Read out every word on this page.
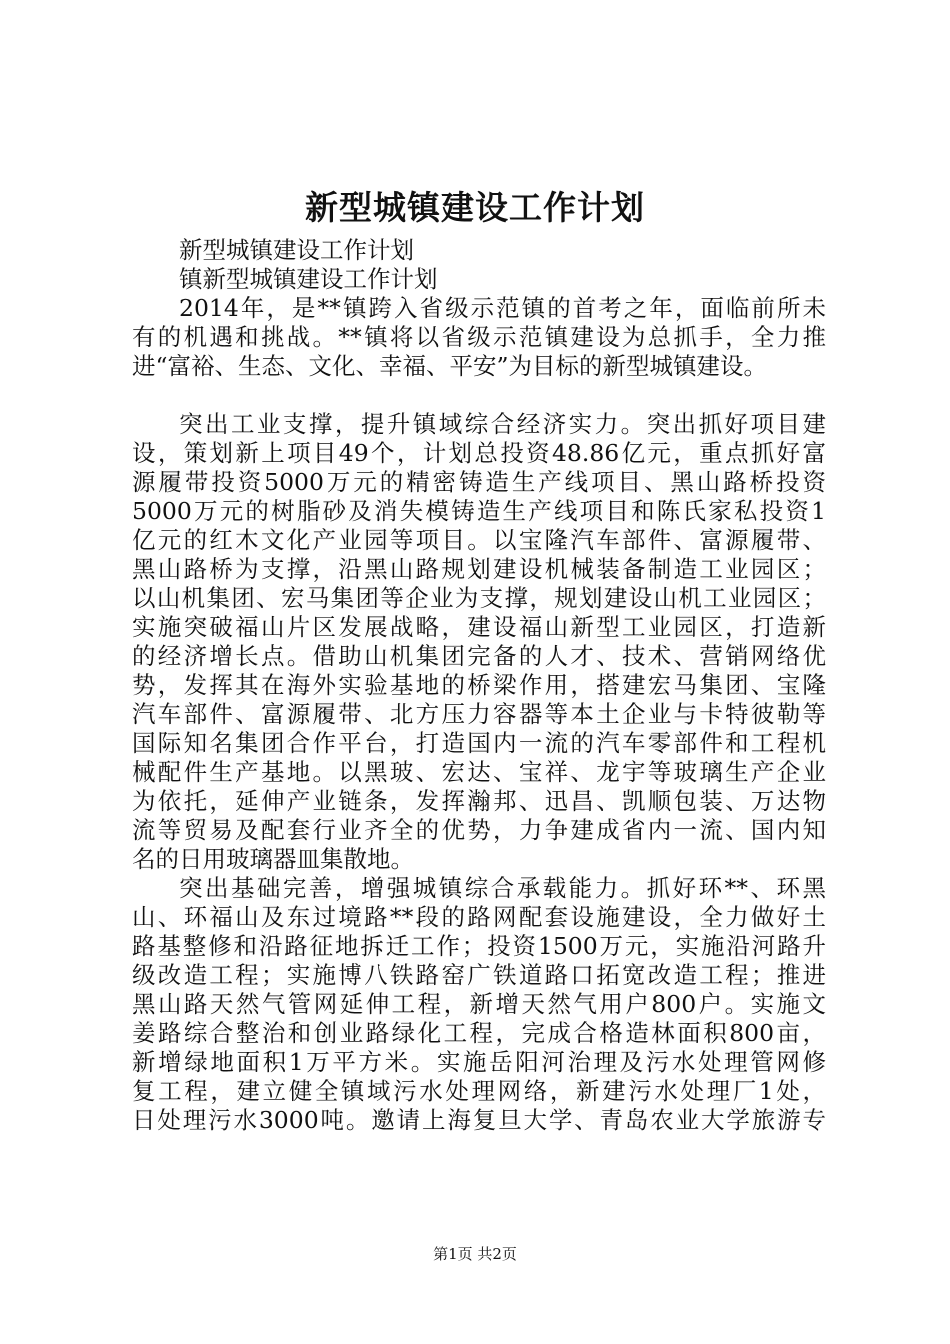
新型城镇建设工作计划
新型城镇建设工作计划
镇新型城镇建设工作计划
2014年，是**镇跨入省级示范镇的首考之年，面临前所未
有的机遇和挑战。**镇将以省级示范镇建设为总抓手，全力推
进“富裕、生态、文化、幸福、平安”为目标的新型城镇建设。
突出工业支撑，提升镇域综合经济实力。突出抓好项目建
设，策划新上项目49个，计划总投资48.86亿元，重点抓好富
源履带投资5000万元的精密铸造生产线项目、黑山路桥投资
5000万元的树脂砂及消失模铸造生产线项目和陈氏家私投资1
亿元的红木文化产业园等项目。以宝隆汽车部件、富源履带、
黑山路桥为支撑，沿黑山路规划建设机械装备制造工业园区；
以山机集团、宏马集团等企业为支撑，规划建设山机工业园区；
实施突破福山片区发展战略，建设福山新型工业园区，打造新
的经济增长点。借助山机集团完备的人才、技术、营销网络优
势，发挥其在海外实验基地的桥梁作用，搭建宏马集团、宝隆
汽车部件、富源履带、北方压力容器等本土企业与卡特彼勒等
国际知名集团合作平台，打造国内一流的汽车零部件和工程机
械配件生产基地。以黑玻、宏达、宝祥、龙宇等玻璃生产企业
为依托，延伸产业链条，发挥瀚邦、迅昌、凯顺包装、万达物
流等贸易及配套行业齐全的优势，力争建成省内一流、国内知
名的日用玻璃器皿集散地。
突出基础完善，增强城镇综合承载能力。抓好环**、环黑
山、环福山及东过境路**段的路网配套设施建设，全力做好土
路基整修和沿路征地拆迁工作；投资1500万元，实施沿河路升
级改造工程；实施博八铁路窑广铁道路口拓宽改造工程；推进
黑山路天然气管网延伸工程，新增天然气用户800户。实施文
姜路综合整治和创业路绿化工程，完成合格造林面积800亩，
新增绿地面积1万平方米。实施岳阳河治理及污水处理管网修
复工程，建立健全镇域污水处理网络，新建污水处理厂1处，
日处理污水3000吨。邀请上海复旦大学、青岛农业大学旅游专
第1页 共2页
